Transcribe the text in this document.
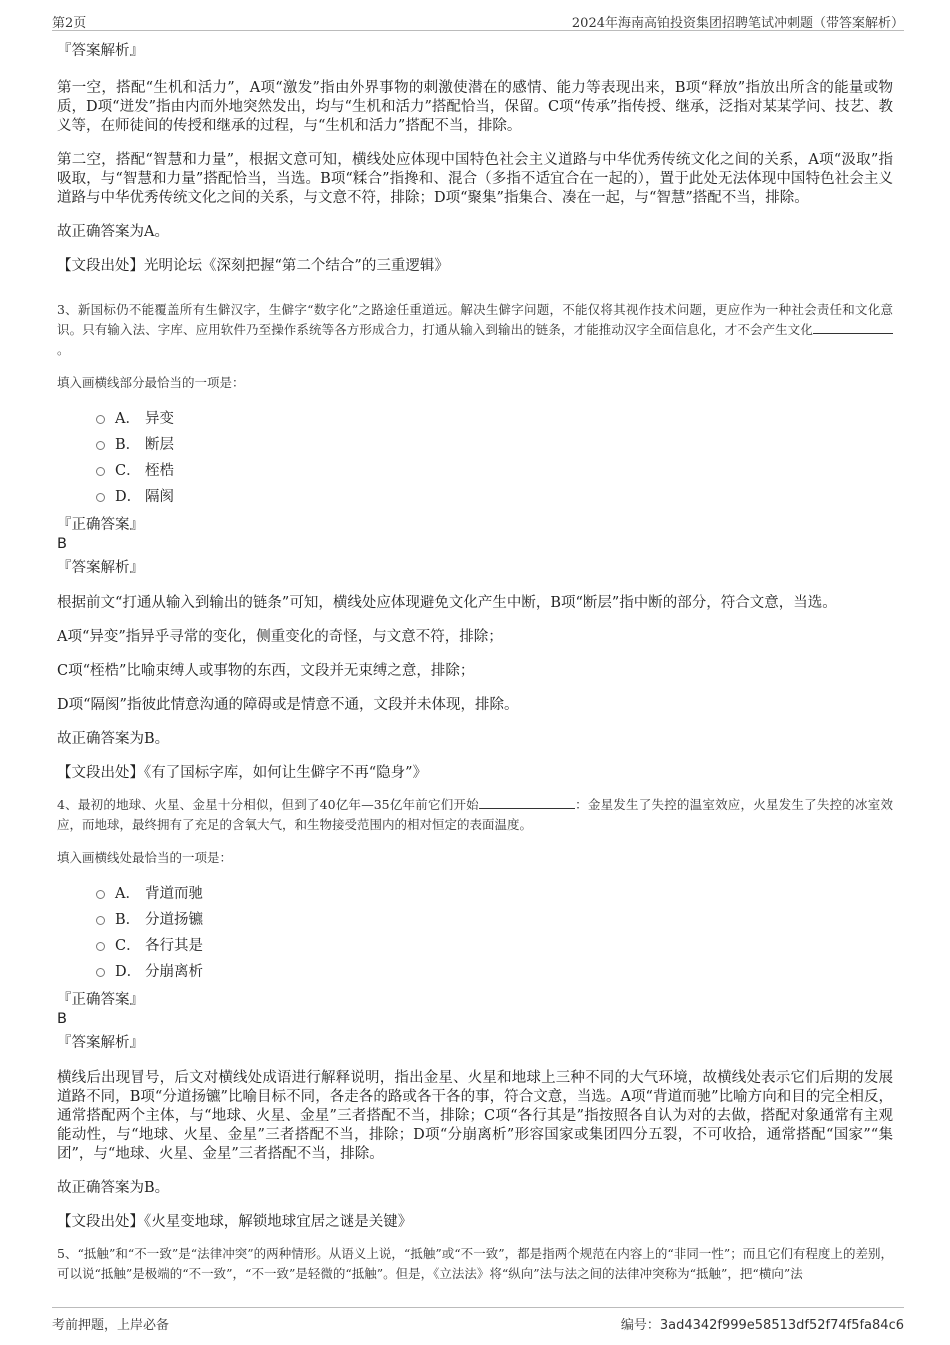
第2页	2024年海南高铂投资集团招聘笔试冲刺题（带答案解析）
『答案解析』

第一空，搭配“生机和活力”，A项“激发”指由外界事物的刺激使潜在的感情、能力等表现出来，B项“释放”指放出所含的能量或物质，D项“迸发”指由内而外地突然发出，均与“生机和活力”搭配恰当，保留。C项“传承”指传授、继承，泛指对某某学问、技艺、教义等，在师徒间的传授和继承的过程，与“生机和活力”搭配不当，排除。

第二空，搭配“智慧和力量”，根据文意可知，横线处应体现中国特色社会主义道路与中华优秀传统文化之间的关系，A项“汲取”指吸取，与“智慧和力量”搭配恰当，当选。B项“糅合”指搀和、混合（多指不适宜合在一起的），置于此处无法体现中国特色社会主义道路与中华优秀传统文化之间的关系，与文意不符，排除；D项“聚集”指集合、凑在一起，与“智慧”搭配不当，排除。

故正确答案为A。

【文段出处】光明论坛《深刻把握“第二个结合”的三重逻辑》

3、新国标仍不能覆盖所有生僻汉字，生僻字“数字化”之路途任重道远。解决生僻字问题，不能仅将其视作技术问题，更应作为一种社会责任和文化意识。只有输入法、字库、应用软件乃至操作系统等各方形成合力，打通从输入到输出的链条，才能推动汉字全面信息化，才不会产生文化。

填入画横线部分最恰当的一项是：

A． 异变
B． 断层
C． 桎梏
D． 隔阂
『正确答案』
B
『答案解析』

根据前文“打通从输入到输出的链条”可知，横线处应体现避免文化产生中断，B项“断层”指中断的部分，符合文意，当选。

A项“异变”指异乎寻常的变化，侧重变化的奇怪，与文意不符，排除；

C项“桎梏”比喻束缚人或事物的东西，文段并无束缚之意，排除；

D项“隔阂”指彼此情意沟通的障碍或是情意不通，文段并未体现，排除。

故正确答案为B。

【文段出处】《有了国标字库，如何让生僻字不再“隐身”》

4、最初的地球、火星、金星十分相似，但到了40亿年—35亿年前它们开始	：金星发生了失控的温室效应，火星发生了失控的冰室效应，而地球，最终拥有了充足的含氧大气，和生物接受范围内的相对恒定的表面温度。

填入画横线处最恰当的一项是：

A． 背道而驰
B． 分道扬镳
C． 各行其是
D． 分崩离析
『正确答案』
B
『答案解析』

横线后出现冒号，后文对横线处成语进行解释说明，指出金星、火星和地球上三种不同的大气环境，故横线处表示它们后期的发展道路不同，B项“分道扬镳”比喻目标不同，各走各的路或各干各的事，符合文意，当选。A项“背道而驰”比喻方向和目的完全相反，通常搭配两个主体，与“地球、火星、金星”三者搭配不当，排除；C项“各行其是”指按照各自认为对的去做，搭配对象通常有主观能动性，与“地球、火星、金星”三者搭配不当，排除；D项“分崩离析”形容国家或集团四分五裂，不可收拾，通常搭配“国家”“集团”，与“地球、火星、金星”三者搭配不当，排除。

故正确答案为B。

【文段出处】《火星变地球，解锁地球宜居之谜是关键》

5、“抵触”和“不一致”是“法律冲突”的两种情形。从语义上说，“抵触”或“不一致”，都是指两个规范在内容上的“非同一性”；而且它们有程度上的差别，可以说“抵触”是极端的“不一致”，“不一致”是轻微的“抵触”。但是，《立法法》将“纵向”法与法之间的法律冲突称为“抵触”，把“横向”法

考前押题，上岸必备	编号：3ad4342f999e58513df52f74f5fa84c6
